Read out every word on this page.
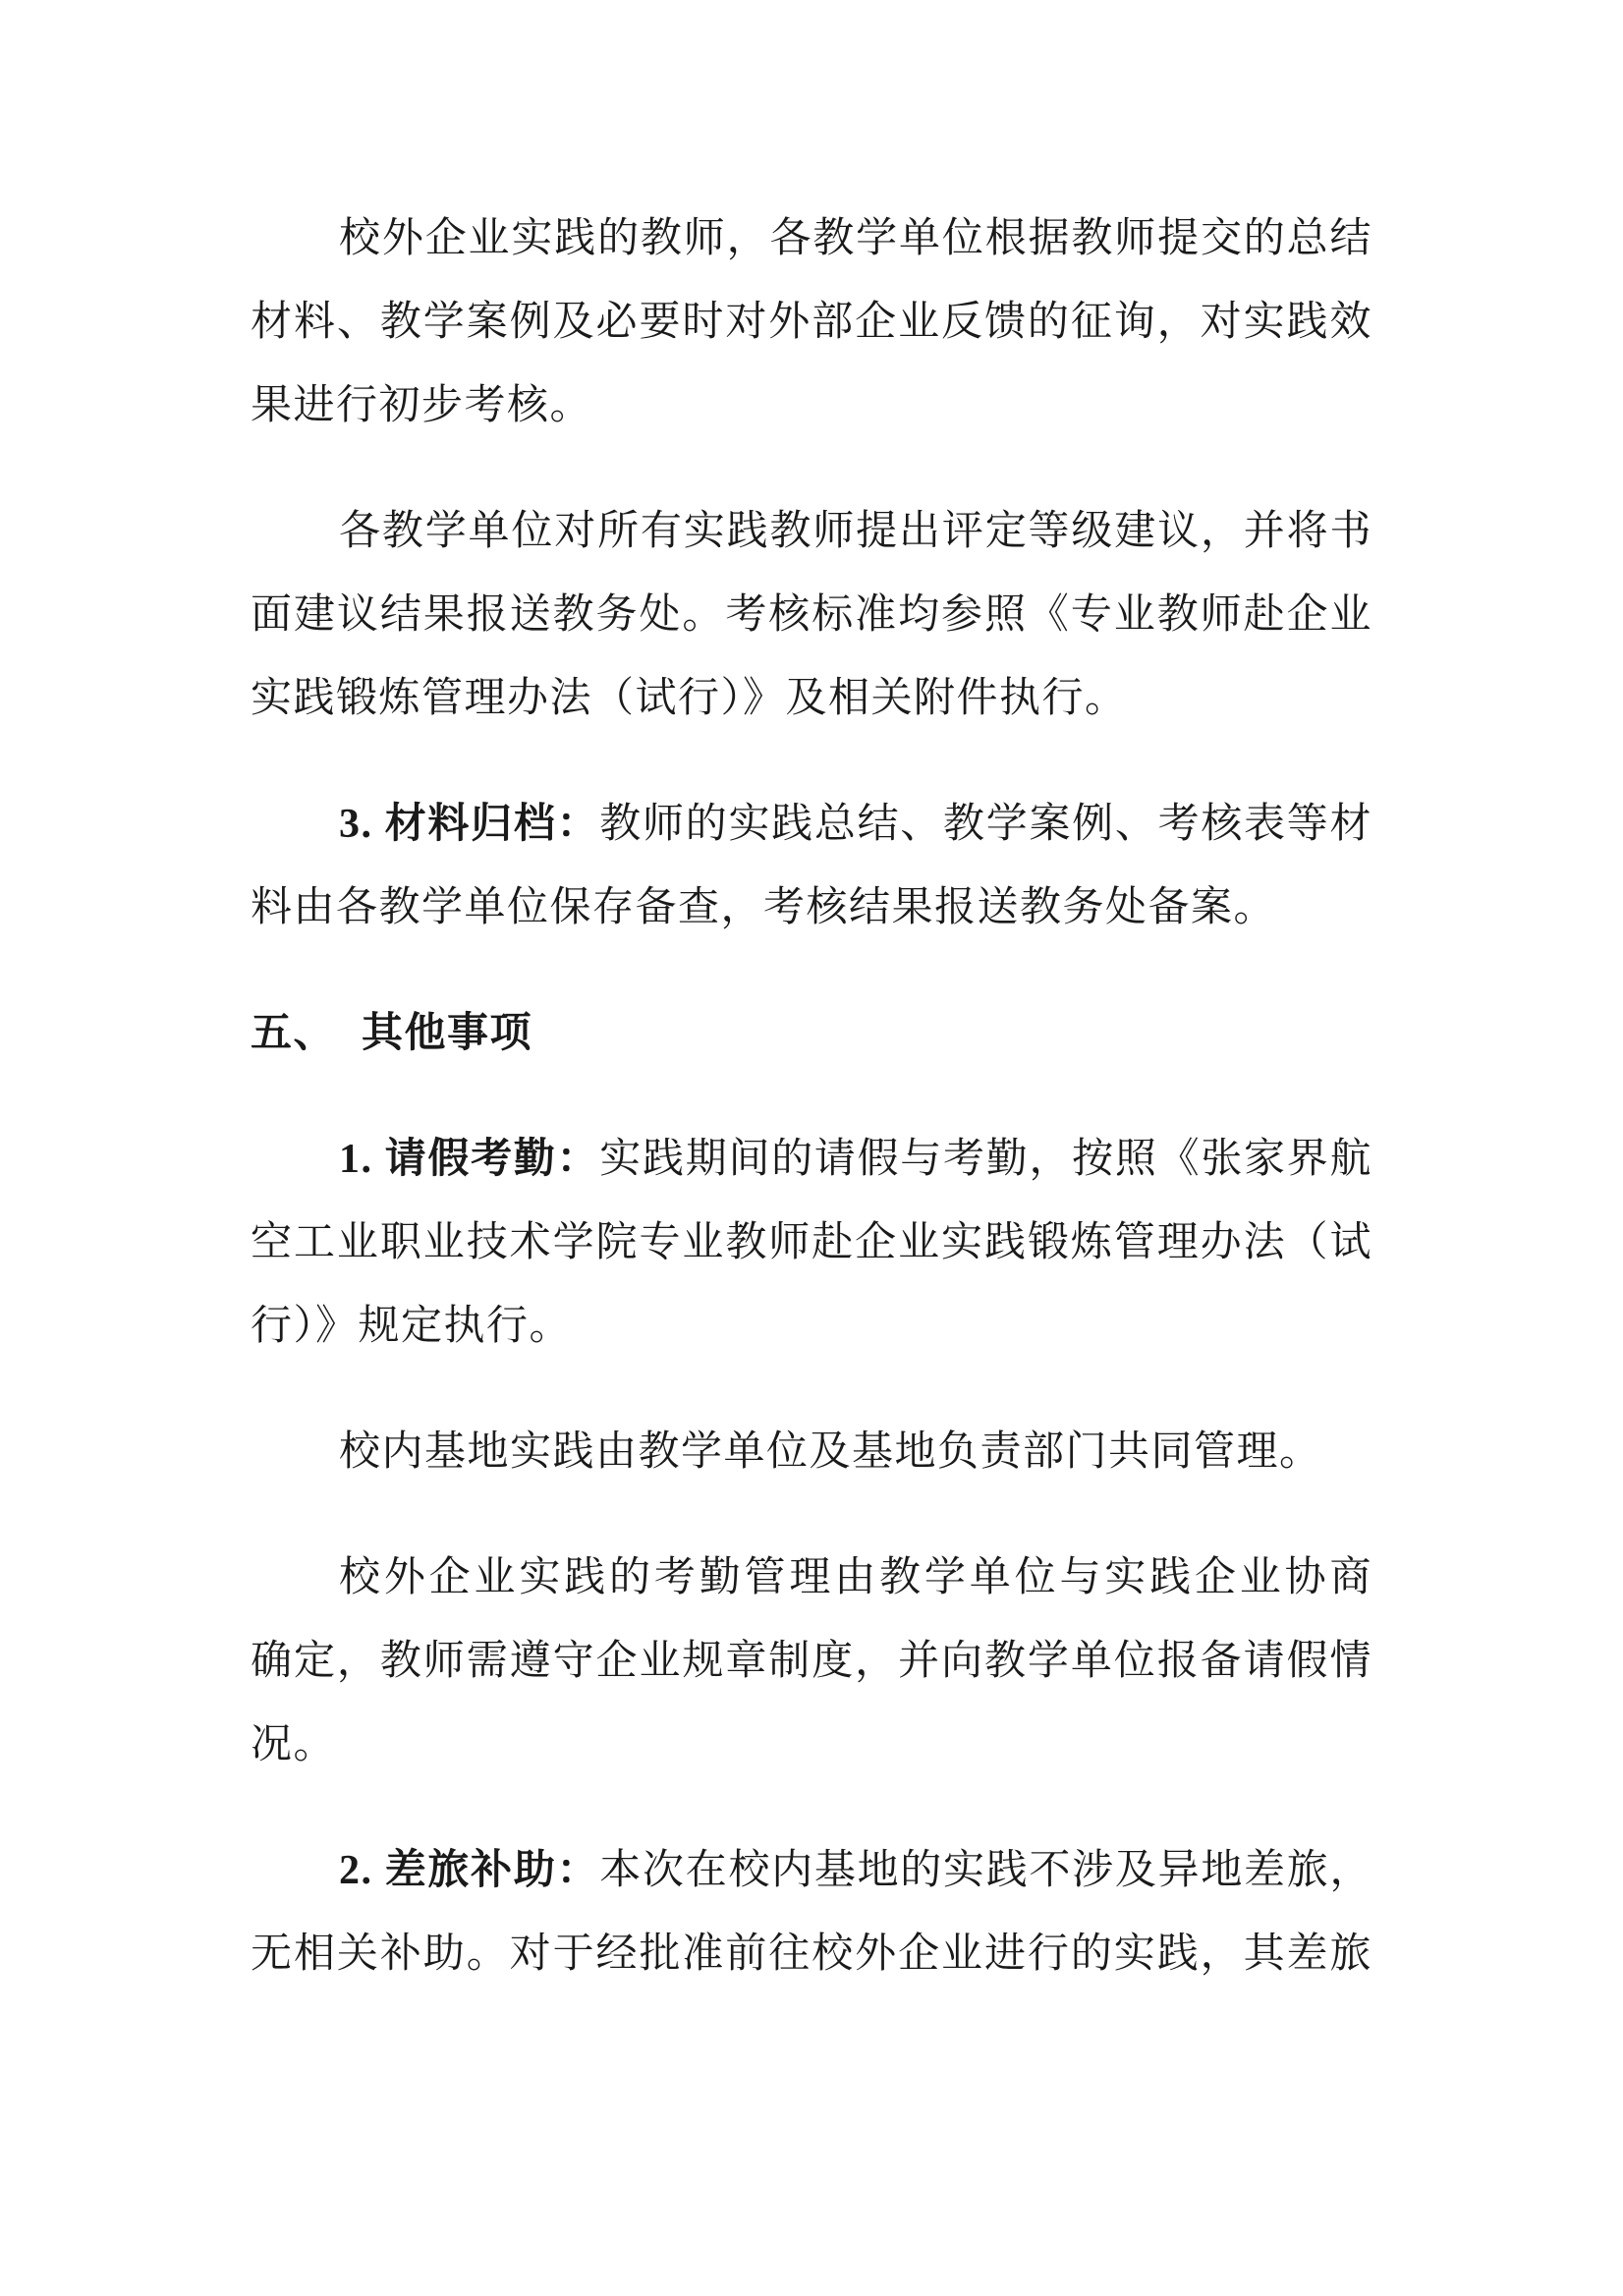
校外企业实践的教师，各教学单位根据教师提交的总结
材料、教学案例及必要时对外部企业反馈的征询，对实践效
果进行初步考核。
各教学单位对所有实践教师提出评定等级建议，并将书
面建议结果报送教务处。考核标准均参照《专业教师赴企业
实践锻炼管理办法（试行）》及相关附件执行。
3. 材料归档：教师的实践总结、教学案例、考核表等材
料由各教学单位保存备查，考核结果报送教务处备案。
五、 其他事项
1. 请假考勤：实践期间的请假与考勤，按照《张家界航
空工业职业技术学院专业教师赴企业实践锻炼管理办法（试
行）》规定执行。
校内基地实践由教学单位及基地负责部门共同管理。
校外企业实践的考勤管理由教学单位与实践企业协商
确定，教师需遵守企业规章制度，并向教学单位报备请假情
况。
2. 差旅补助：本次在校内基地的实践不涉及异地差旅，
无相关补助。对于经批准前往校外企业进行的实践，其差旅
